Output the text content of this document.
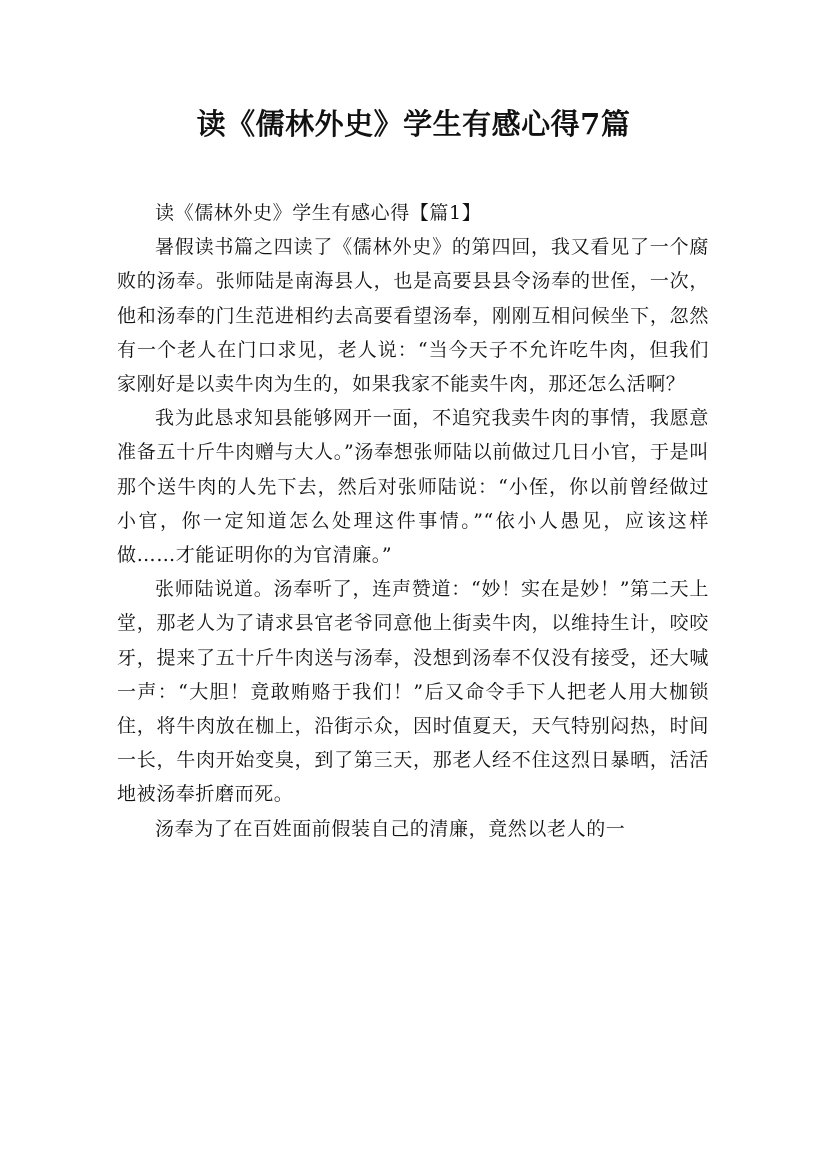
读《儒林外史》学生有感心得7篇

读《儒林外史》学生有感心得【篇1】

暑假读书篇之四读了《儒林外史》的第四回，我又看见了一个腐败的汤奉。张师陆是南海县人，也是高要县县令汤奉的世侄，一次，他和汤奉的门生范进相约去高要看望汤奉，刚刚互相问候坐下，忽然有一个老人在门口求见，老人说：“当今天子不允许吃牛肉，但我们家刚好是以卖牛肉为生的，如果我家不能卖牛肉，那还怎么活啊？

我为此恳求知县能够网开一面，不追究我卖牛肉的事情，我愿意准备五十斤牛肉赠与大人。”汤奉想张师陆以前做过几日小官，于是叫那个送牛肉的人先下去，然后对张师陆说：“小侄，你以前曾经做过小官，你一定知道怎么处理这件事情。”“依小人愚见，应该这样做……才能证明你的为官清廉。”

张师陆说道。汤奉听了，连声赞道：“妙！实在是妙！”第二天上堂，那老人为了请求县官老爷同意他上街卖牛肉，以维持生计，咬咬牙，提来了五十斤牛肉送与汤奉，没想到汤奉不仅没有接受，还大喊一声：“大胆！竟敢贿赂于我们！”后又命令手下人把老人用大枷锁住，将牛肉放在枷上，沿街示众，因时值夏天，天气特别闷热，时间一长，牛肉开始变臭，到了第三天，那老人经不住这烈日暴晒，活活地被汤奉折磨而死。

汤奉为了在百姓面前假装自己的清廉，竟然以老人的一
